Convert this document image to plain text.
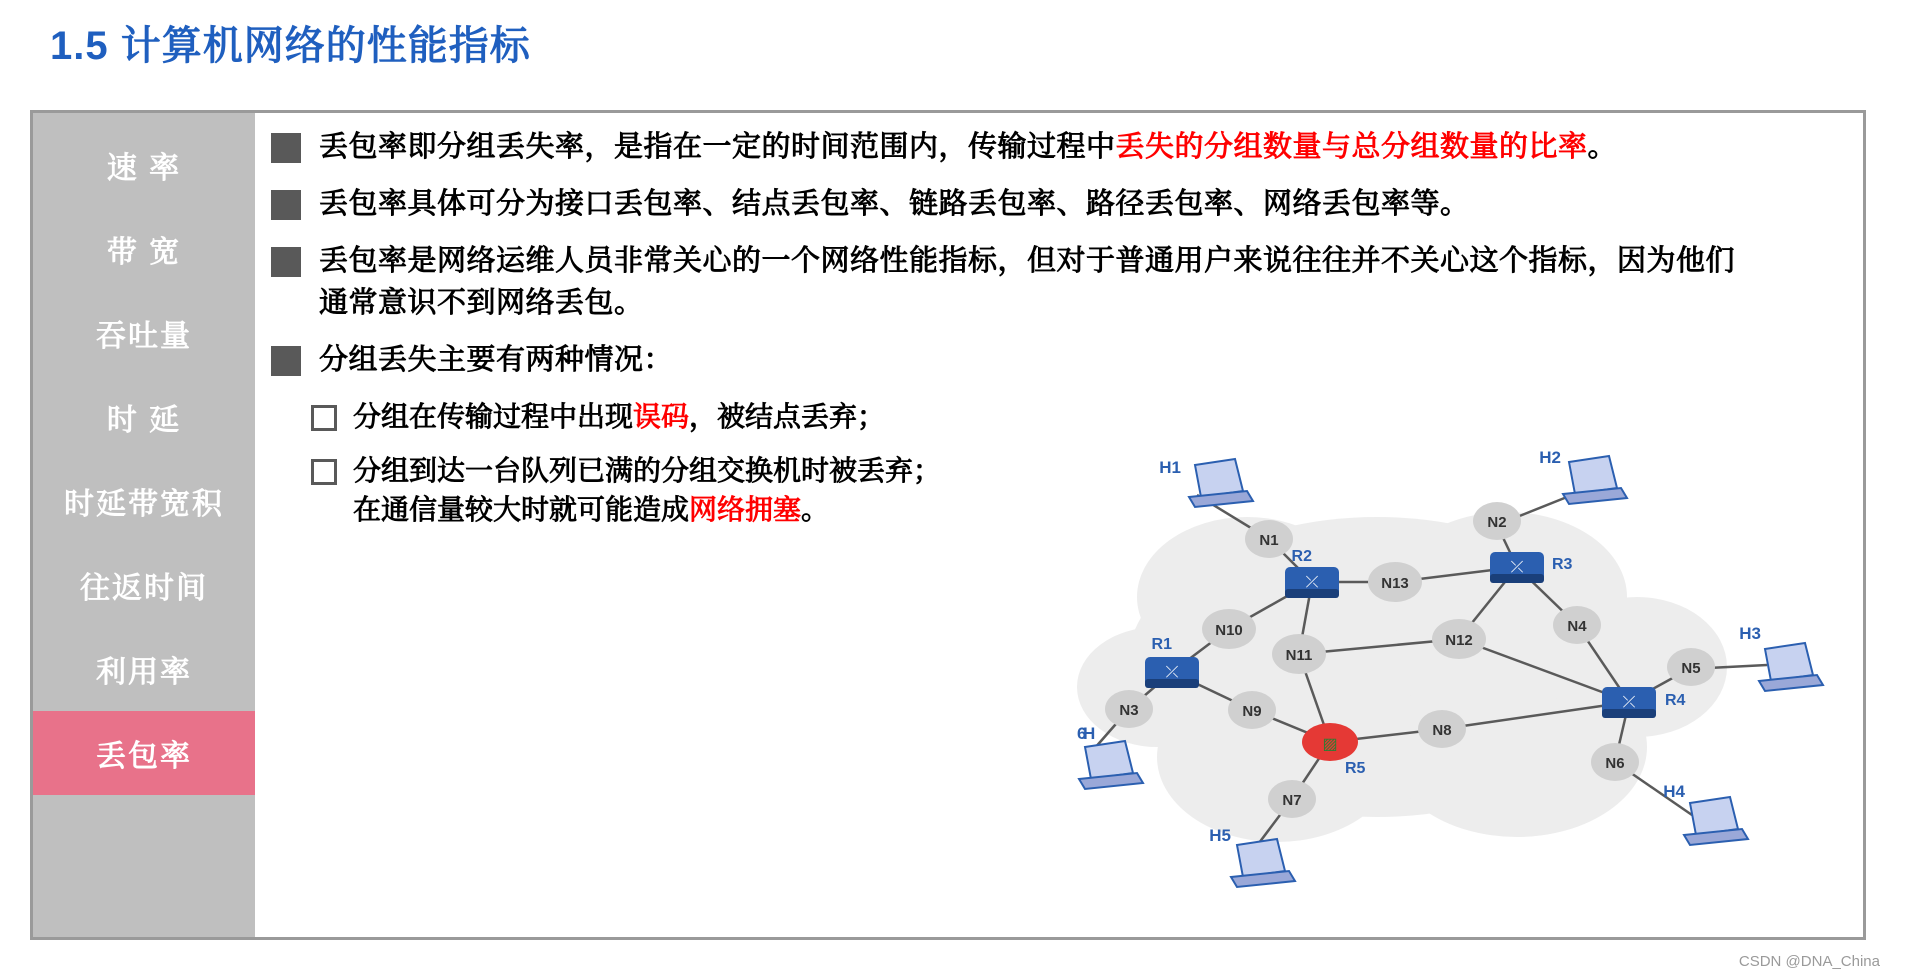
1.5 计算机网络的性能指标
速 率
带 宽
吞吐量
时 延
时延带宽积
往返时间
利用率
丢包率
丢包率即分组丢失率，是指在一定的时间范围内，传输过程中丢失的分组数量与总分组数量的比率。
丢包率具体可分为接口丢包率、结点丢包率、链路丢包率、路径丢包率、网络丢包率等。
丢包率是网络运维人员非常关心的一个网络性能指标，但对于普通用户来说往往并不关心这个指标，因为他们通常意识不到网络丢包。
分组丢失主要有两种情况：
分组在传输过程中出现误码，被结点丢弃；
分组到达一台队列已满的分组交换机时被丢弃；
在通信量较大时就可能造成网络拥塞。
N1
N2
N3
N4
N5
N6
N7
N8
N9
N10
N11
N12
N13
⤫
R1
⤫
R2
⤫ R3
⤫ R4
▨
R5
H1
H2
H3
H4
H5
H6
CSDN @DNA_China
